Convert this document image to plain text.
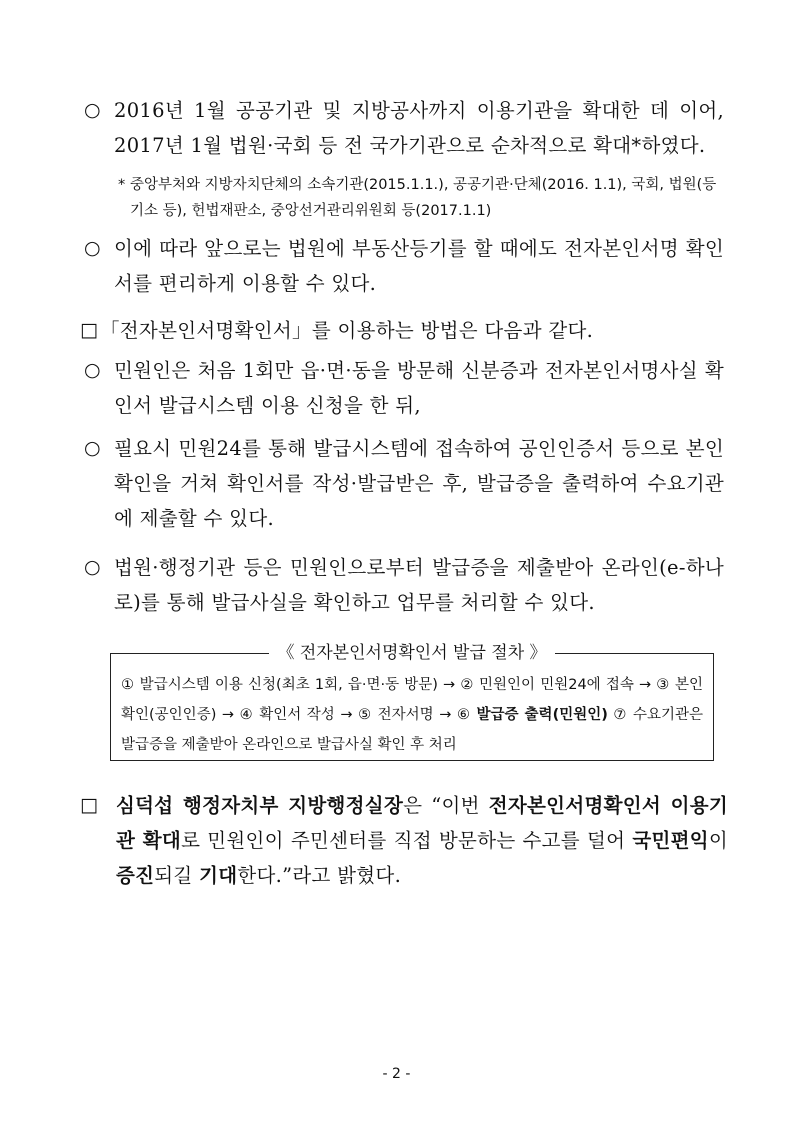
○ 2016년 1월 공공기관 및 지방공사까지 이용기관을 확대한 데 이어, 2017년 1월 법원·국회 등 전 국가기관으로 순차적으로 확대*하였다.
* 중앙부처와 지방자치단체의 소속기관(2015.1.1.), 공공기관·단체(2016. 1.1), 국회, 법원(등기소 등), 헌법재판소, 중앙선거관리위원회 등(2017.1.1)
○ 이에 따라 앞으로는 법원에 부동산등기를 할 때에도 전자본인서명 확인서를 편리하게 이용할 수 있다.
□ 「전자본인서명확인서」를 이용하는 방법은 다음과 같다.
○ 민원인은 처음 1회만 읍·면·동을 방문해 신분증과 전자본인서명사실 확인서 발급시스템 이용 신청을 한 뒤,
○ 필요시 민원24를 통해 발급시스템에 접속하여 공인인증서 등으로 본인확인을 거쳐 확인서를 작성·발급받은 후, 발급증을 출력하여 수요기관에 제출할 수 있다.
○ 법원·행정기관 등은 민원인으로부터 발급증을 제출받아 온라인(e-하나로)를 통해 발급사실을 확인하고 업무를 처리할 수 있다.
《 전자본인서명확인서 발급 절차 》
① 발급시스템 이용 신청(최초 1회, 읍·면·동 방문) → ② 민원인이 민원24에 접속 → ③ 본인 확인(공인인증) → ④ 확인서 작성 → ⑤ 전자서명 → ⑥ 발급증 출력(민원인) ⑦ 수요기관은 발급증을 제출받아 온라인으로 발급사실 확인 후 처리
□ 심덕섭 행정자치부 지방행정실장은 “이번 전자본인서명확인서 이용기관 확대로 민원인이 주민센터를 직접 방문하는 수고를 덜어 국민편익이 증진되길 기대한다.”라고 밝혔다.
- 2 -
